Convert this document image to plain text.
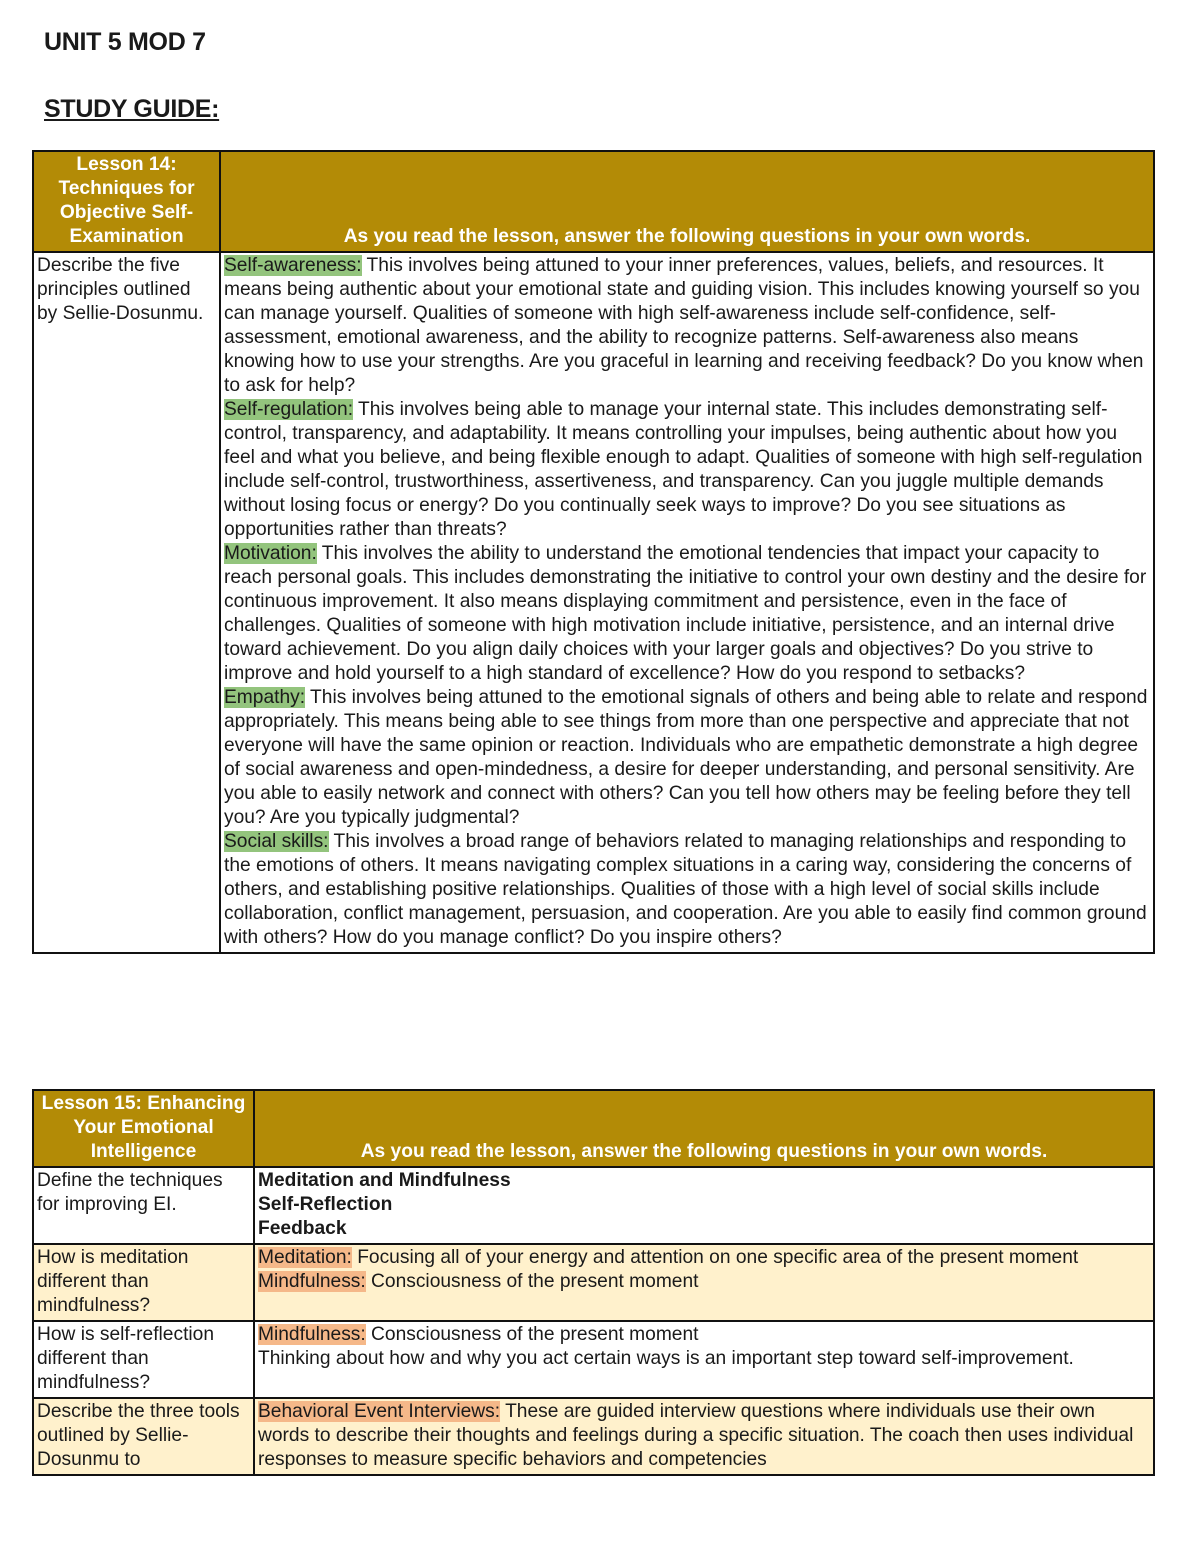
UNIT 5 MOD 7
STUDY GUIDE:
Lesson 14: Techniques for Objective Self-Examination	As you read the lesson, answer the following questions in your own words.
Describe the five principles outlined by Sellie-Dosunmu.	Self-awareness: This involves being attuned to your inner preferences, values, beliefs, and resources. It means being authentic about your emotional state and guiding vision. This includes knowing yourself so you can manage yourself. Qualities of someone with high self-awareness include self-confidence, self-assessment, emotional awareness, and the ability to recognize patterns. Self-awareness also means knowing how to use your strengths. Are you graceful in learning and receiving feedback? Do you know when to ask for help?
Self-regulation: This involves being able to manage your internal state. This includes demonstrating self-control, transparency, and adaptability. It means controlling your impulses, being authentic about how you feel and what you believe, and being flexible enough to adapt. Qualities of someone with high self-regulation include self-control, trustworthiness, assertiveness, and transparency. Can you juggle multiple demands without losing focus or energy? Do you continually seek ways to improve? Do you see situations as opportunities rather than threats?
Motivation: This involves the ability to understand the emotional tendencies that impact your capacity to reach personal goals. This includes demonstrating the initiative to control your own destiny and the desire for continuous improvement. It also means displaying commitment and persistence, even in the face of challenges. Qualities of someone with high motivation include initiative, persistence, and an internal drive toward achievement. Do you align daily choices with your larger goals and objectives? Do you strive to improve and hold yourself to a high standard of excellence? How do you respond to setbacks?
Empathy: This involves being attuned to the emotional signals of others and being able to relate and respond appropriately. This means being able to see things from more than one perspective and appreciate that not everyone will have the same opinion or reaction. Individuals who are empathetic demonstrate a high degree of social awareness and open-mindedness, a desire for deeper understanding, and personal sensitivity. Are you able to easily network and connect with others? Can you tell how others may be feeling before they tell you? Are you typically judgmental?
Social skills: This involves a broad range of behaviors related to managing relationships and responding to the emotions of others. It means navigating complex situations in a caring way, considering the concerns of others, and establishing positive relationships. Qualities of those with a high level of social skills include collaboration, conflict management, persuasion, and cooperation. Are you able to easily find common ground with others? How do you manage conflict? Do you inspire others?
Lesson 15: Enhancing Your Emotional Intelligence	As you read the lesson, answer the following questions in your own words.
Define the techniques for improving EI.	Meditation and Mindfulness
Self-Reflection
Feedback

How is meditation different than mindfulness?	Meditation: Focusing all of your energy and attention on one specific area of the present moment
Mindfulness: Consciousness of the present moment

How is self-reflection different than mindfulness?	Mindfulness: Consciousness of the present moment
Thinking about how and why you act certain ways is an important step toward self-improvement.

Describe the three tools outlined by Sellie-Dosunmu to	Behavioral Event Interviews: These are guided interview questions where individuals use their own words to describe their thoughts and feelings during a specific situation. The coach then uses individual responses to measure specific behaviors and competencies
